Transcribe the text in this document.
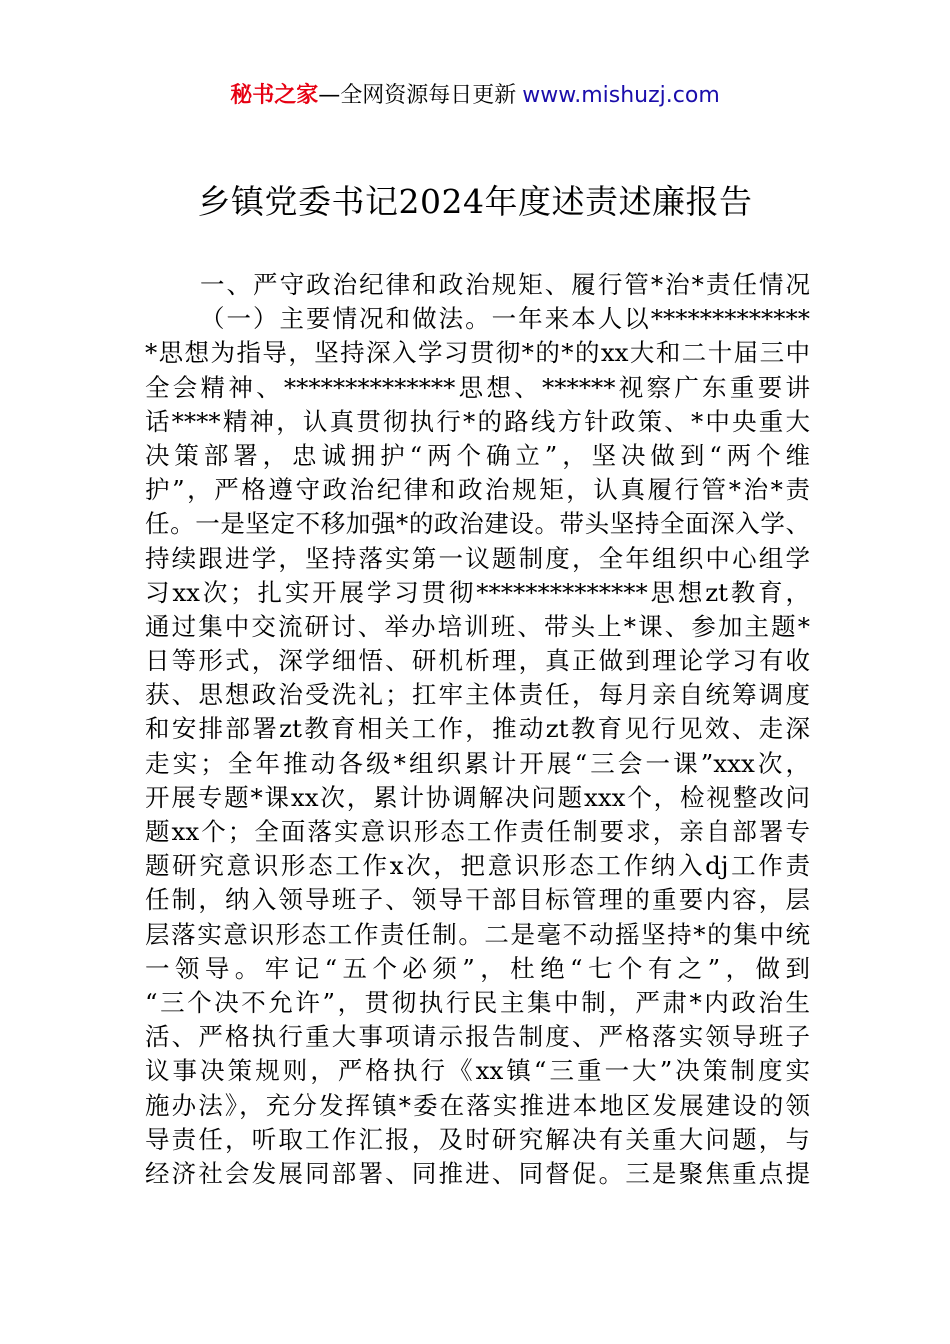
秘书之家—全网资源每日更新 www.mishuzj.com
乡镇党委书记2024年度述责述廉报告
一、严守政治纪律和政治规矩、履行管*治*责任情况
（一）主要情况和做法。一年来本人以*************
*思想为指导，坚持深入学习贯彻*的*的xx大和二十届三中
全会精神、**************思想、******视察广东重要讲
话****精神，认真贯彻执行*的路线方针政策、*中央重大
决策部署，忠诚拥护“两个确立”，坚决做到“两个维
护”，严格遵守政治纪律和政治规矩，认真履行管*治*责
任。一是坚定不移加强*的政治建设。带头坚持全面深入学、
持续跟进学，坚持落实第一议题制度，全年组织中心组学
习xx次；扎实开展学习贯彻**************思想zt教育，
通过集中交流研讨、举办培训班、带头上*课、参加主题*
日等形式，深学细悟、研机析理，真正做到理论学习有收
获、思想政治受洗礼；扛牢主体责任，每月亲自统筹调度
和安排部署zt教育相关工作，推动zt教育见行见效、走深
走实；全年推动各级*组织累计开展“三会一课”xxx次，
开展专题*课xx次，累计协调解决问题xxx个，检视整改问
题xx个；全面落实意识形态工作责任制要求，亲自部署专
题研究意识形态工作x次，把意识形态工作纳入dj工作责
任制，纳入领导班子、领导干部目标管理的重要内容，层
层落实意识形态工作责任制。二是毫不动摇坚持*的集中统
一领导。牢记“五个必须”，杜绝“七个有之”，做到
“三个决不允许”，贯彻执行民主集中制，严肃*内政治生
活、严格执行重大事项请示报告制度、严格落实领导班子
议事决策规则，严格执行《xx镇“三重一大”决策制度实
施办法》，充分发挥镇*委在落实推进本地区发展建设的领
导责任，听取工作汇报，及时研究解决有关重大问题，与
经济社会发展同部署、同推进、同督促。三是聚焦重点提
